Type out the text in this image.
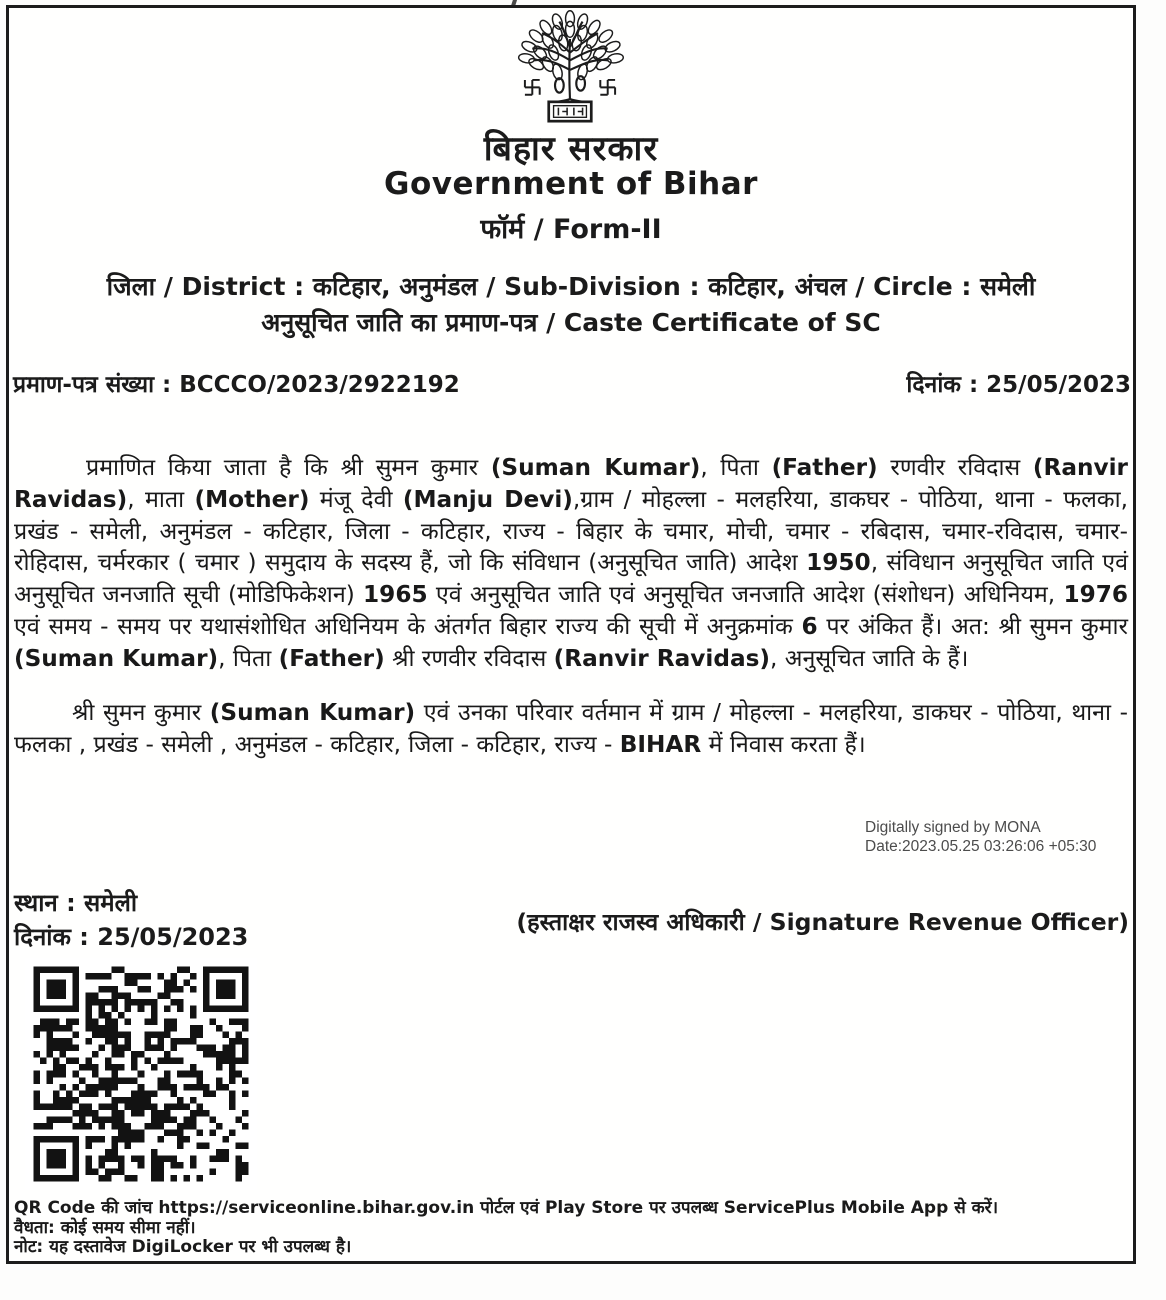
बिहार सरकार
Government of Bihar
फॉर्म / Form-II
जिला / District : कटिहार, अनुमंडल / Sub-Division : कटिहार, अंचल / Circle : समेली
अनुसूचित जाति का प्रमाण-पत्र / Caste Certificate of SC
प्रमाण-पत्र संख्या : BCCCO/2023/2922192	दिनांक : 25/05/2023
प्रमाणित किया जाता है कि श्री सुमन कुमार (Suman Kumar), पिता (Father) रणवीर रविदास (Ranvir Ravidas), माता (Mother) मंजू देवी (Manju Devi),ग्राम / मोहल्ला - मलहरिया, डाकघर - पोठिया, थाना - फलका, प्रखंड - समेली, अनुमंडल - कटिहार, जिला - कटिहार, राज्य - बिहार के चमार, मोची, चमार - रबिदास, चमार-रविदास, चमार- रोहिदास, चर्मरकार ( चमार ) समुदाय के सदस्य हैं, जो कि संविधान (अनुसूचित जाति) आदेश 1950, संविधान अनुसूचित जाति एवं अनुसूचित जनजाति सूची (मोडिफिकेशन) 1965 एवं अनुसूचित जाति एवं अनुसूचित जनजाति आदेश (संशोधन) अधिनियम, 1976 एवं समय - समय पर यथासंशोधित अधिनियम के अंतर्गत बिहार राज्य की सूची में अनुक्रमांक 6 पर अंकित हैं। अत: श्री सुमन कुमार (Suman Kumar), पिता (Father) श्री रणवीर रविदास (Ranvir Ravidas), अनुसूचित जाति के हैं।
श्री सुमन कुमार (Suman Kumar) एवं उनका परिवार वर्तमान में ग्राम / मोहल्ला - मलहरिया, डाकघर - पोठिया, थाना - फलका , प्रखंड - समेली , अनुमंडल - कटिहार, जिला - कटिहार, राज्य - BIHAR में निवास करता हैं।
Digitally signed by MONA
Date:2023.05.25 03:26:06 +05:30
स्थान : समेली
दिनांक : 25/05/2023
(हस्ताक्षर राजस्व अधिकारी / Signature Revenue Officer)
QR Code की जांच https://serviceonline.bihar.gov.in पोर्टल एवं Play Store पर उपलब्ध ServicePlus Mobile App से करें।
वैधता: कोई समय सीमा नहीं।
नोट: यह दस्तावेज DigiLocker पर भी उपलब्ध है।
